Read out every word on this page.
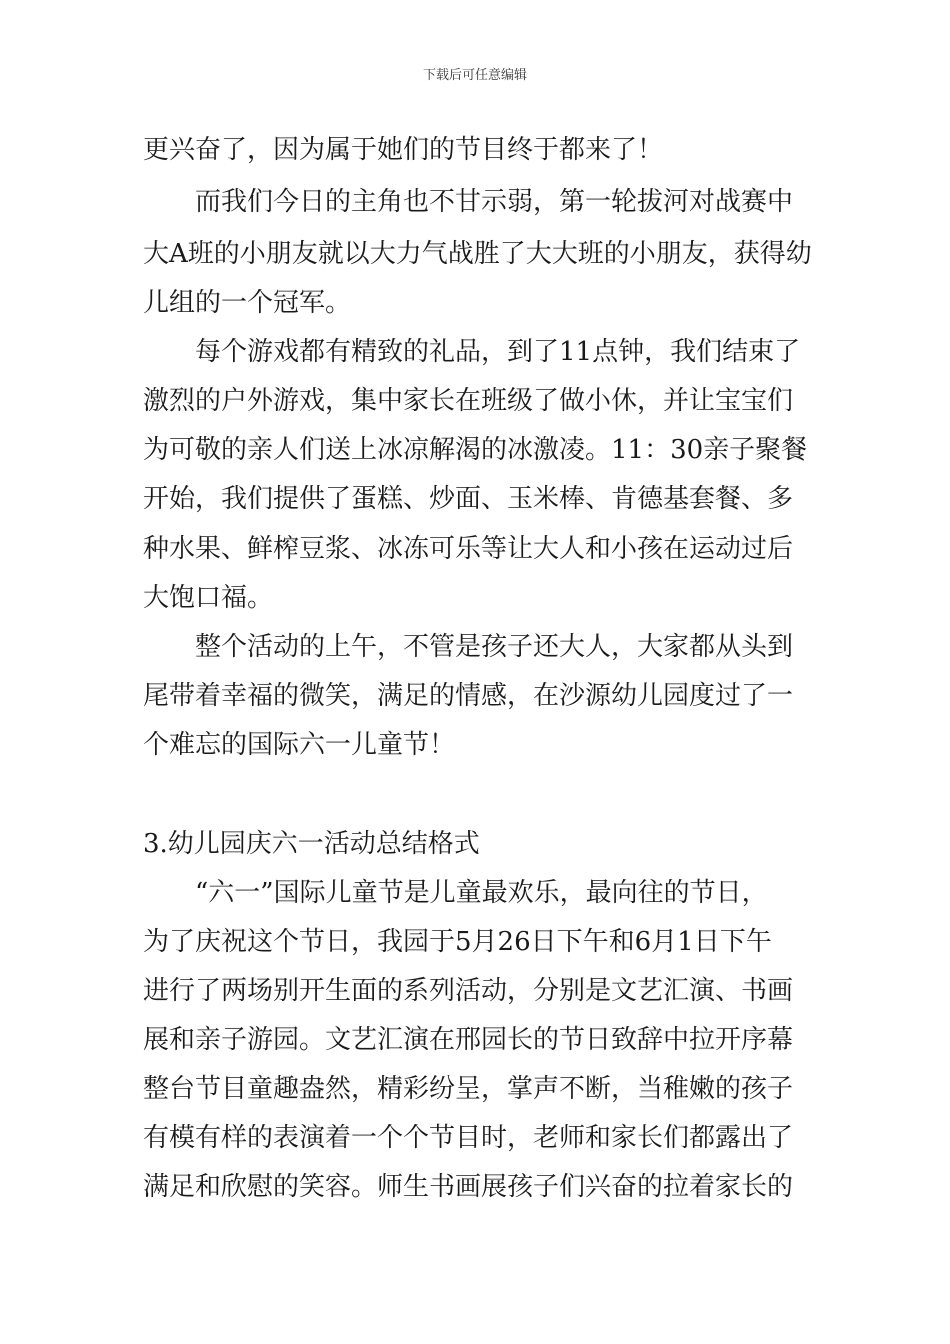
下载后可任意编辑
更兴奋了，因为属于她们的节目终于都来了！
　　而我们今日的主角也不甘示弱，第一轮拔河对战赛中
大A班的小朋友就以大力气战胜了大大班的小朋友，获得幼
儿组的一个冠军。
　　每个游戏都有精致的礼品，到了11点钟，我们结束了
激烈的户外游戏，集中家长在班级了做小休，并让宝宝们
为可敬的亲人们送上冰凉解渴的冰激凌。11：30亲子聚餐
开始，我们提供了蛋糕、炒面、玉米棒、肯德基套餐、多
种水果、鲜榨豆浆、冰冻可乐等让大人和小孩在运动过后
大饱口福。
　　整个活动的上午，不管是孩子还大人，大家都从头到
尾带着幸福的微笑，满足的情感，在沙源幼儿园度过了一
个难忘的国际六一儿童节！
3.幼儿园庆六一活动总结格式
　　“六一”国际儿童节是儿童最欢乐，最向往的节日，
为了庆祝这个节日，我园于5月26日下午和6月1日下午
进行了两场别开生面的系列活动，分别是文艺汇演、书画
展和亲子游园。文艺汇演在邢园长的节日致辞中拉开序幕
整台节目童趣盎然，精彩纷呈，掌声不断，当稚嫩的孩子
有模有样的表演着一个个节目时，老师和家长们都露出了
满足和欣慰的笑容。师生书画展孩子们兴奋的拉着家长的
